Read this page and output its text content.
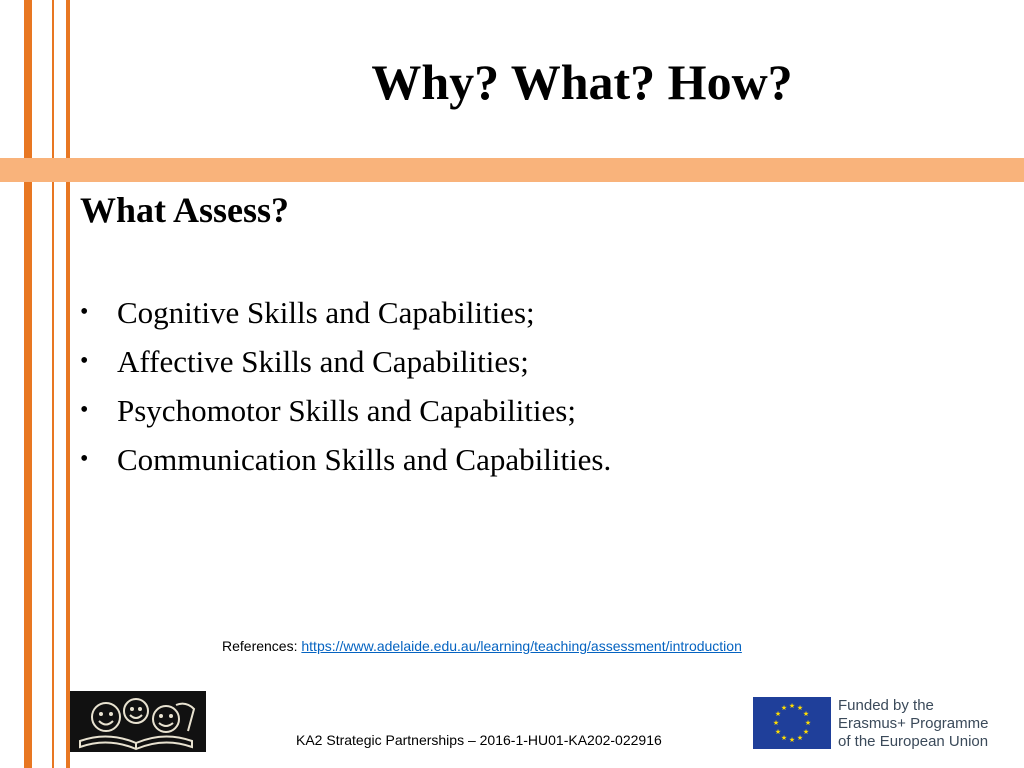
Why? What? How?
What Assess?
• Cognitive Skills and Capabilities;
• Affective Skills and Capabilities;
• Psychomotor Skills and Capabilities;
• Communication Skills and Capabilities.
References: https://www.adelaide.edu.au/learning/teaching/assessment/introduction
KA2 Strategic Partnerships – 2016-1-HU01-KA202-022916
★ ★
★
★
★
★
★
★
★
★
★
★	Funded by the
Erasmus+ Programme
of the European Union
